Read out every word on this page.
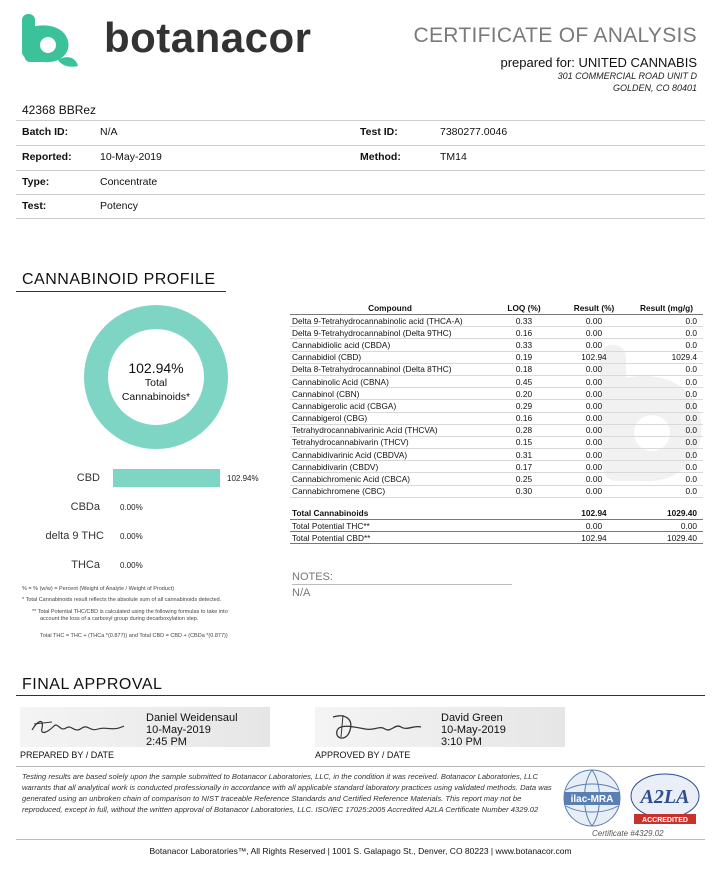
botanacor	CERTIFICATE OF ANALYSIS
prepared for: UNITED CANNABIS
301 COMMERCIAL ROAD UNIT D
GOLDEN, CO 80401
42368 BBRez
Batch ID:	N/A	Test ID:	7380277.0046
Reported:	10-May-2019	Method:	TM14
Type:	Concentrate
Test:	Potency
CANNABINOID PROFILE
102.94%
Total
Cannabinoids*
CBD	102.94%
CBDa	0.00%
delta 9 THC 0.00%
THCa	0.00%
% = % (w/w) = Percent (Weight of Analyte / Weight of Product)
* Total Cannabinoids result reflects the absolute sum of all cannabinoids detected.
** Total Potential THC/CBD is calculated using the following formulas to take into
account the loss of a carboxyl group during decarboxylation step.
Total THC = THC + (THCa *(0.877)) and Total CBD = CBD + (CBDa *(0.877))
Compound	LOQ (%)	Result (%)	Result (mg/g)
Delta 9-Tetrahydrocannabinolic acid (THCA-A)	0.33	0.00	0.0
Delta 9-Tetrahydrocannabinol (Delta 9THC)	0.16	0.00	0.0
Cannabidiolic acid (CBDA)	0.33	0.00	0.0
Cannabidiol (CBD)	0.19	102.94	1029.4
Delta 8-Tetrahydrocannabinol (Delta 8THC)	0.18	0.00	0.0
Cannabinolic Acid (CBNA)	0.45	0.00	0.0
Cannabinol (CBN)	0.20	0.00	0.0
Cannabigerolic acid (CBGA)	0.29	0.00	0.0
Cannabigerol (CBG)	0.16	0.00	0.0
Tetrahydrocannabivarinic Acid (THCVA)	0.28	0.00	0.0
Tetrahydrocannabivarin (THCV)	0.15	0.00	0.0
Cannabidivarinic Acid (CBDVA)	0.31	0.00	0.0
Cannabidivarin (CBDV)	0.17	0.00	0.0
Cannabichromenic Acid (CBCA)	0.25	0.00	0.0
Cannabichromene (CBC)	0.30	0.00	0.0

Total Cannabinoids		102.94	1029.40
Total Potential THC**		0.00	0.00
Total Potential CBD**		102.94	1029.40
NOTES:
N/A
FINAL APPROVAL
Daniel Weidensaul
10-May-2019
2:45 PM
PREPARED BY / DATE
David Green
10-May-2019
3:10 PM
APPROVED BY / DATE
Testing results are based solely upon the sample submitted to Botanacor Laboratories, LLC, in the condition it was received. Botanacor Laboratories, LLC warrants that all analytical work is conducted professionally in accordance with all applicable standard laboratory practices using validated methods. Data was generated using an unbroken chain of comparison to NIST traceable Reference Standards and Certified Reference Materials. This report may not be reproduced, except in full, without the written approval of Botanacor Laboratories, LLC. ISO/IEC 17025:2005 Accredited A2LA Certificate Number 4329.02
ilac-MRA A2LA
ACCREDITED
Certificate #4329.02
Botanacor Laboratories™, All Rights Reserved | 1001 S. Galapago St., Denver, CO 80223 | www.botanacor.com
